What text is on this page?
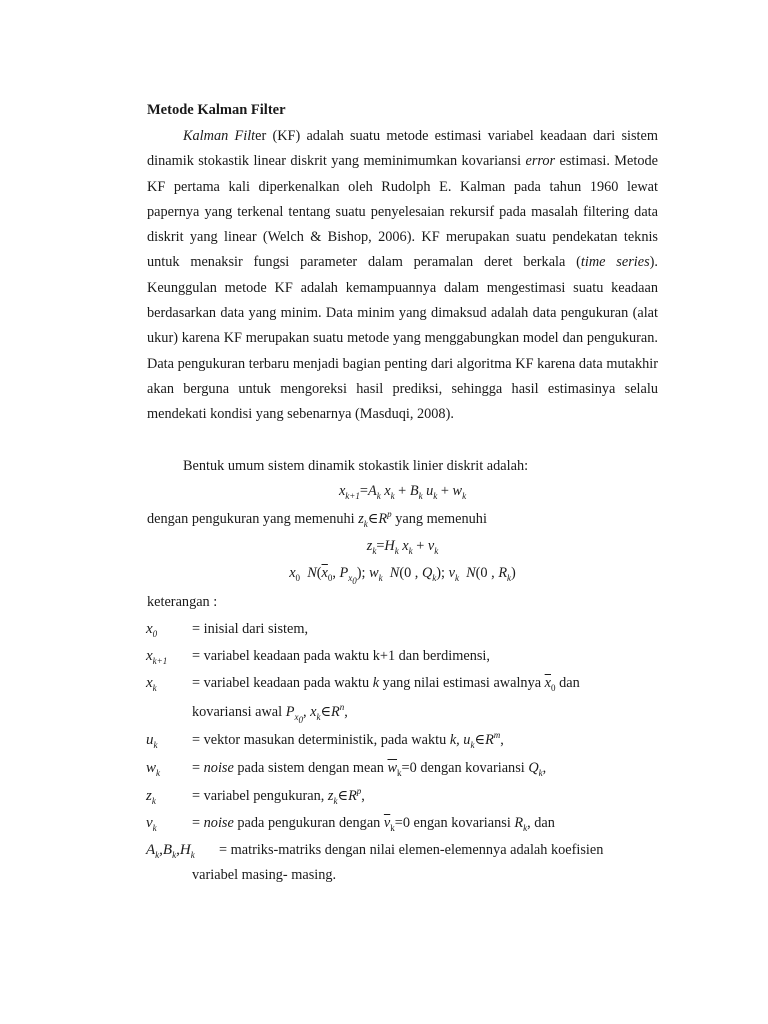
Metode Kalman Filter

Kalman Filter (KF) adalah suatu metode estimasi variabel keadaan dari sistem dinamik stokastik linear diskrit yang meminimumkan kovariansi error estimasi. Metode KF pertama kali diperkenalkan oleh Rudolph E. Kalman pada tahun 1960 lewat papernya yang terkenal tentang suatu penyelesaian rekursif pada masalah filtering data diskrit yang linear (Welch & Bishop, 2006). KF merupakan suatu pendekatan teknis untuk menaksir fungsi parameter dalam peramalan deret berkala (time series). Keunggulan metode KF adalah kemampuannya dalam mengestimasi suatu keadaan berdasarkan data yang minim. Data minim yang dimaksud adalah data pengukuran (alat ukur) karena KF merupakan suatu metode yang menggabungkan model dan pengukuran. Data pengukuran terbaru menjadi bagian penting dari algoritma KF karena data mutakhir akan berguna untuk mengoreksi hasil prediksi, sehingga hasil estimasinya selalu mendekati kondisi yang sebenarnya (Masduqi, 2008).

Bentuk umum sistem dinamik stokastik linier diskrit adalah:
$x_{k+1}=A_k$ $x_k + B_k$ $u_k + w_k$
dengan pengukuran yang memenuhi $z_k\in R^p$ yang memenuhi
$z_k=H_k$ $x_k + v_k$
$x_0$ $N(\overline{x}_0$, $P_{x_0}$); $w_k$ N(0 , $Q_k$); $v_k$ N(0 , $R_k$)
keterangan :
$x_0$	= inisial dari sistem,
$x_{k+1}$	= variabel keadaan pada waktu k+1 dan berdimensi,
$x_k$	= variabel keadaan pada waktu k yang nilai estimasi awalnya $\overline{x}_0$ dan
kovariansi awal $P_{x_0}$, $x_k\in R^n$,
$u_k$	= vektor masukan deterministik, pada waktu k, $u_k\in R^m$,
$w_k$	= noise pada sistem dengan mean $\overline{w}_k=0$ dengan kovariansi $Q_k$,
$z_k$	= variabel pengukuran, $z_k\in R^p$,
$v_k$	= noise pada pengukuran dengan $\overline{v}_k=0$ engan kovariansi $R_k$, dan
$A_k,B_k,H_k$	= matriks-matriks dengan nilai elemen-elemennya adalah koefisien
variabel masing- masing.
